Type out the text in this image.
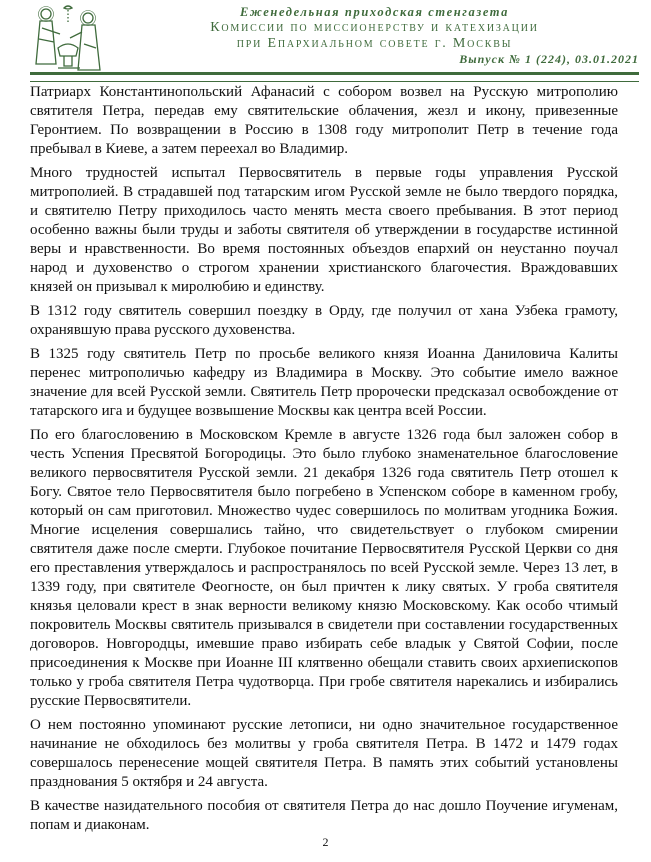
Еженедельная приходская стенгазета
Комиссии по миссионерству и катехизации
при Епархиальном совете г. Москвы
Выпуск № 1 (224), 03.01.2021

Патриарх Константинопольский Афанасий с собором возвел на Русскую митрополию святителя Петра, передав ему святительские облачения, жезл и икону, привезенные Геронтием. По возвращении в Россию в 1308 году митрополит Петр в течение года пребывал в Киеве, а затем переехал во Владимир.

Много трудностей испытал Первосвятитель в первые годы управления Русской митрополией. В страдавшей под татарским игом Русской земле не было твердого порядка, и святителю Петру приходилось часто менять места своего пребывания. В этот период особенно важны были труды и заботы святителя об утверждении в государстве истинной веры и нравственности. Во время постоянных объездов епархий он неустанно поучал народ и духовенство о строгом хранении христианского благочестия. Враждовавших князей он призывал к миролюбию и единству.

В 1312 году святитель совершил поездку в Орду, где получил от хана Узбека грамоту, охранявшую права русского духовенства.

В 1325 году святитель Петр по просьбе великого князя Иоанна Даниловича Калиты перенес митрополичью кафедру из Владимира в Москву. Это событие имело важное значение для всей Русской земли. Святитель Петр пророчески предсказал освобождение от татарского ига и будущее возвышение Москвы как центра всей России.

По его благословению в Московском Кремле в августе 1326 года был заложен собор в честь Успения Пресвятой Богородицы. Это было глубоко знаменательное благословение великого первосвятителя Русской земли. 21 декабря 1326 года святитель Петр отошел к Богу. Святое тело Первосвятителя было погребено в Успенском соборе в каменном гробу, который он сам приготовил. Множество чудес совершилось по молитвам угодника Божия. Многие исцеления совершались тайно, что свидетельствует о глубоком смирении святителя даже после смерти. Глубокое почитание Первосвятителя Русской Церкви со дня его преставления утверждалось и распространялось по всей Русской земле. Через 13 лет, в 1339 году, при святителе Феогносте, он был причтен к лику святых. У гроба святителя князья целовали крест в знак верности великому князю Московскому. Как особо чтимый покровитель Москвы святитель призывался в свидетели при составлении государственных договоров. Новгородцы, имевшие право избирать себе владык у Святой Софии, после присоединения к Москве при Иоанне III клятвенно обещали ставить своих архиепископов только у гроба святителя Петра чудотворца. При гробе святителя нарекались и избирались русские Первосвятители.

О нем постоянно упоминают русские летописи, ни одно значительное государственное начинание не обходилось без молитвы у гроба святителя Петра. В 1472 и 1479 годах совершалось перенесение мощей святителя Петра. В память этих событий установлены празднования 5 октября и 24 августа.

В качестве назидательного пособия от святителя Петра до нас дошло Поучение игуменам, попам и диаконам.

2
